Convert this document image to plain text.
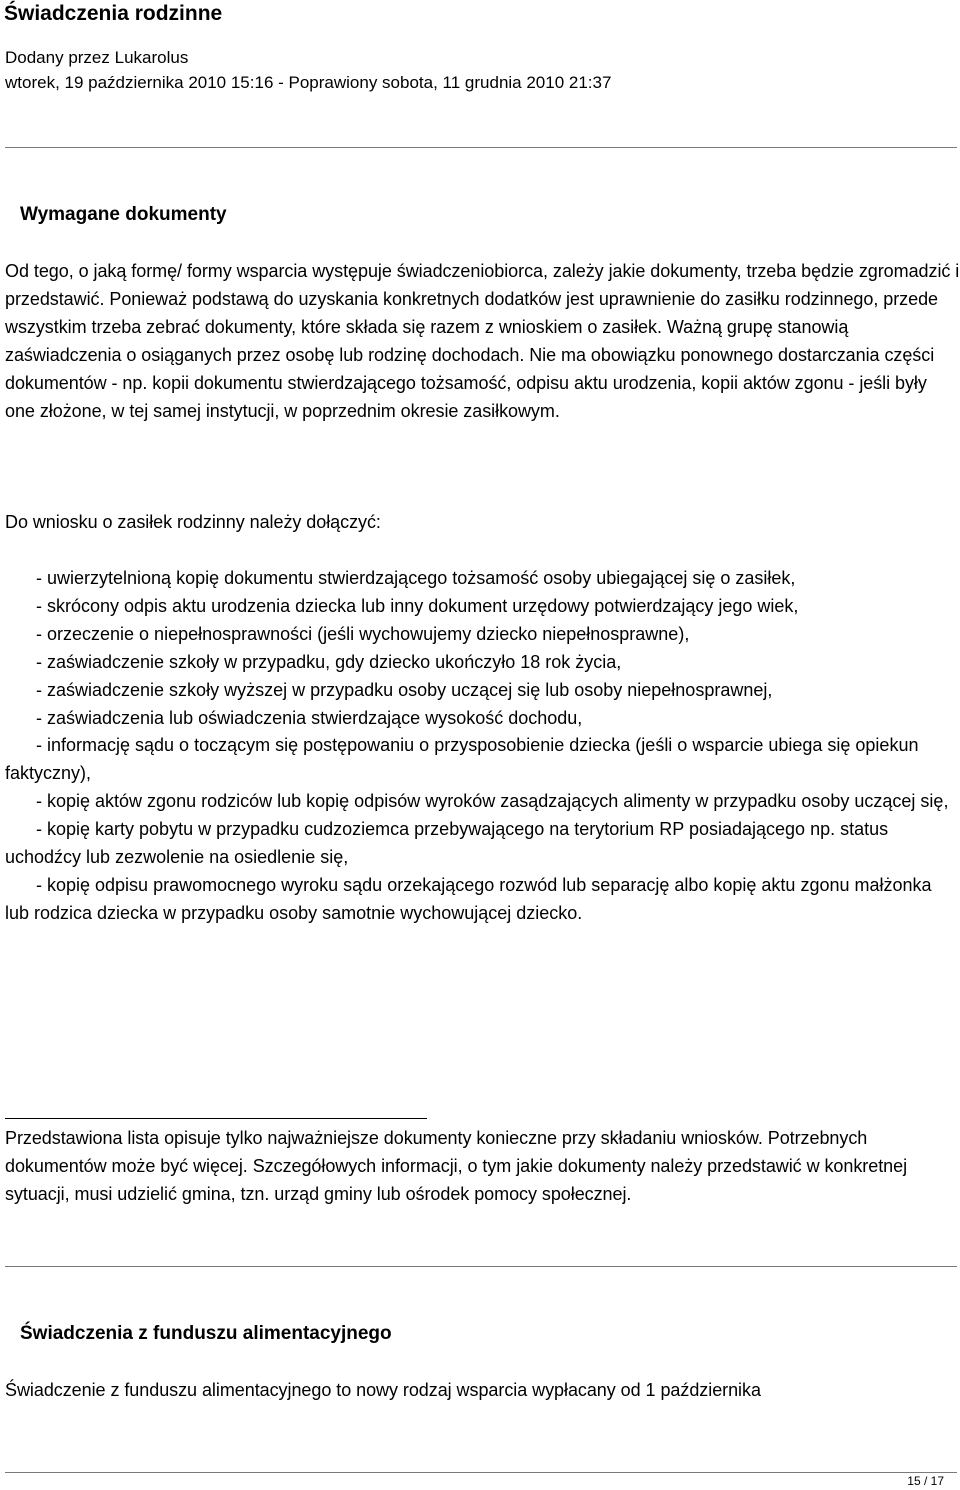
Świadczenia rodzinne

Dodany przez Lukarolus

wtorek, 19 października 2010 15:16 - Poprawiony sobota, 11 grudnia 2010 21:37

Wymagane dokumenty

Od tego, o jaką formę/ formy wsparcia występuje świadczeniobiorca, zależy jakie dokumenty, trzeba będzie zgromadzić i przedstawić. Ponieważ podstawą do uzyskania konkretnych dodatków jest uprawnienie do zasiłku rodzinnego, przede wszystkim trzeba zebrać dokumenty, które składa się razem z wnioskiem o zasiłek. Ważną grupę stanowią zaświadczenia o osiąganych przez osobę lub rodzinę dochodach. Nie ma obowiązku ponownego dostarczania części dokumentów - np. kopii dokumentu stwierdzającego tożsamość, odpisu aktu urodzenia, kopii aktów zgonu - jeśli były one złożone, w tej samej instytucji, w poprzednim okresie zasiłkowym.

Do wniosku o zasiłek rodzinny należy dołączyć:

- uwierzytelnioną kopię dokumentu stwierdzającego tożsamość osoby ubiegającej się o zasiłek,
- skrócony odpis aktu urodzenia dziecka lub inny dokument urzędowy potwierdzający jego wiek,
- orzeczenie o niepełnosprawności (jeśli wychowujemy dziecko niepełnosprawne),
- zaświadczenie szkoły w przypadku, gdy dziecko ukończyło 18 rok życia,
- zaświadczenie szkoły wyższej w przypadku osoby uczącej się lub osoby niepełnosprawnej,
- zaświadczenia lub oświadczenia stwierdzające wysokość dochodu,
- informację sądu o toczącym się postępowaniu o przysposobienie dziecka (jeśli o wsparcie ubiega się opiekun faktyczny),
- kopię aktów zgonu rodziców lub kopię odpisów wyroków zasądzających alimenty w przypadku osoby uczącej się,
- kopię karty pobytu w przypadku cudzoziemca przebywającego na terytorium RP posiadającego np. status uchodźcy lub zezwolenie na osiedlenie się,
- kopię odpisu prawomocnego wyroku sądu orzekającego rozwód lub separację albo kopię aktu zgonu małżonka lub rodzica dziecka w przypadku osoby samotnie wychowującej dziecko.

Przedstawiona lista opisuje tylko najważniejsze dokumenty konieczne przy składaniu wniosków. Potrzebnych dokumentów może być więcej. Szczegółowych informacji, o tym jakie dokumenty należy przedstawić w konkretnej sytuacji, musi udzielić gmina, tzn. urząd gminy lub ośrodek pomocy społecznej.

Świadczenia z funduszu alimentacyjnego

Świadczenie z funduszu alimentacyjnego to nowy rodzaj wsparcia wypłacany od 1 października

15 / 17
